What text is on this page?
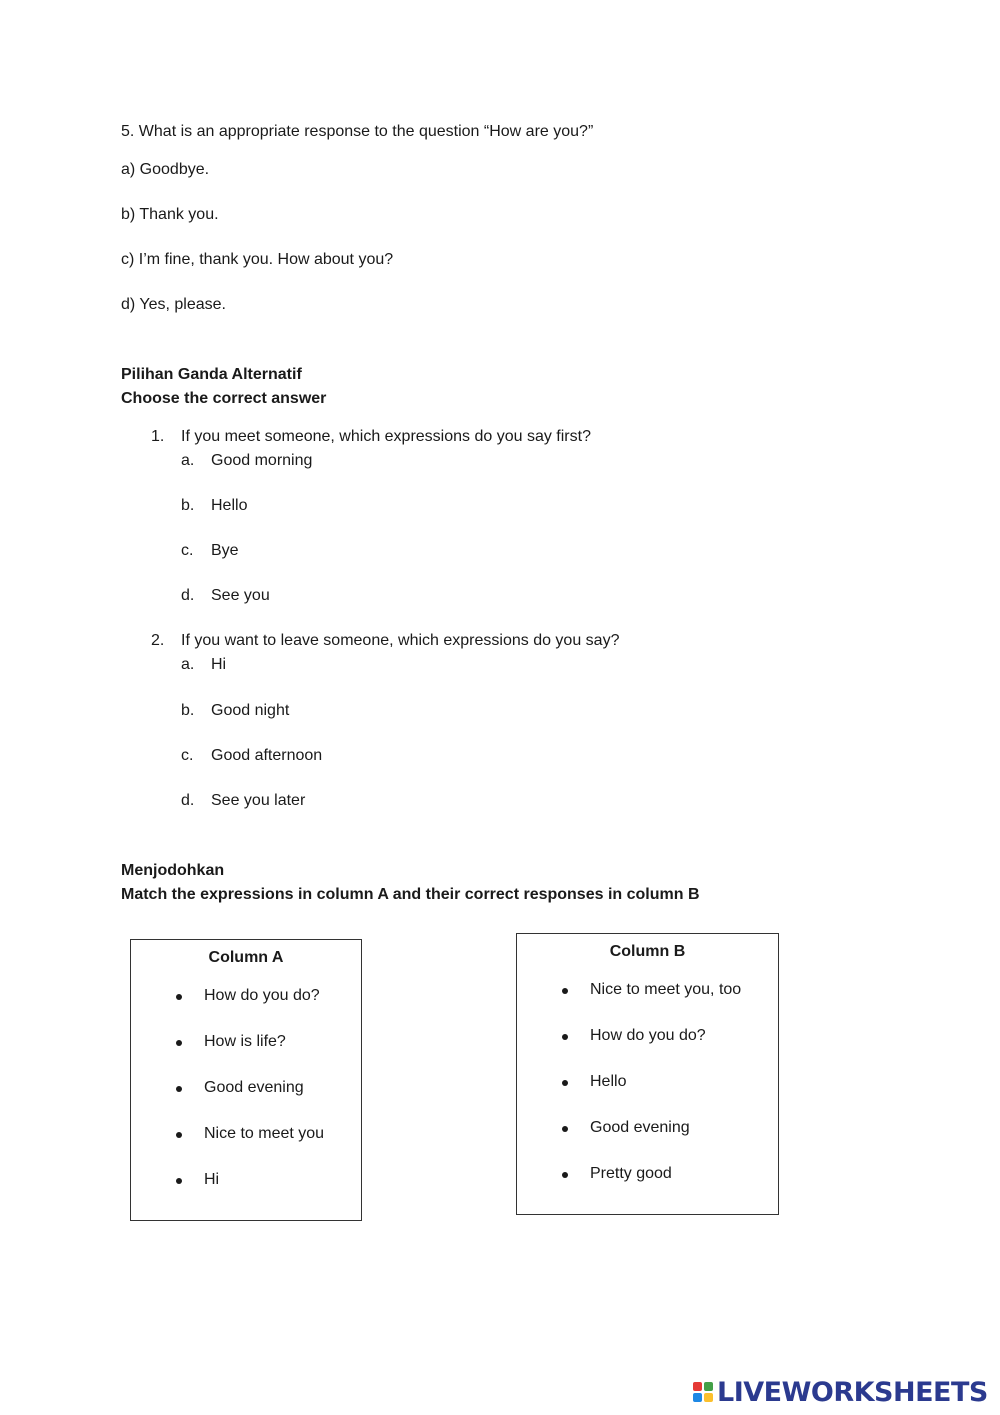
5. What is an appropriate response to the question “How are you?”
a) Goodbye.
b) Thank you.
c) I’m fine, thank you. How about you?
d) Yes, please.
Pilihan Ganda Alternatif
Choose the correct answer
1. If you meet someone, which expressions do you say first?
a. Good morning
b. Hello
c. Bye
d. See you
2. If you want to leave someone, which expressions do you say?
a. Hi
b. Good night
c. Good afternoon
d. See you later
Menjodohkan
Match the expressions in column A and their correct responses in column B
Column A
How do you do?
How is life?
Good evening
Nice to meet you
Hi
Column B
Nice to meet you, too
How do you do?
Hello
Good evening
Pretty good
LIVEWORKSHEETS
